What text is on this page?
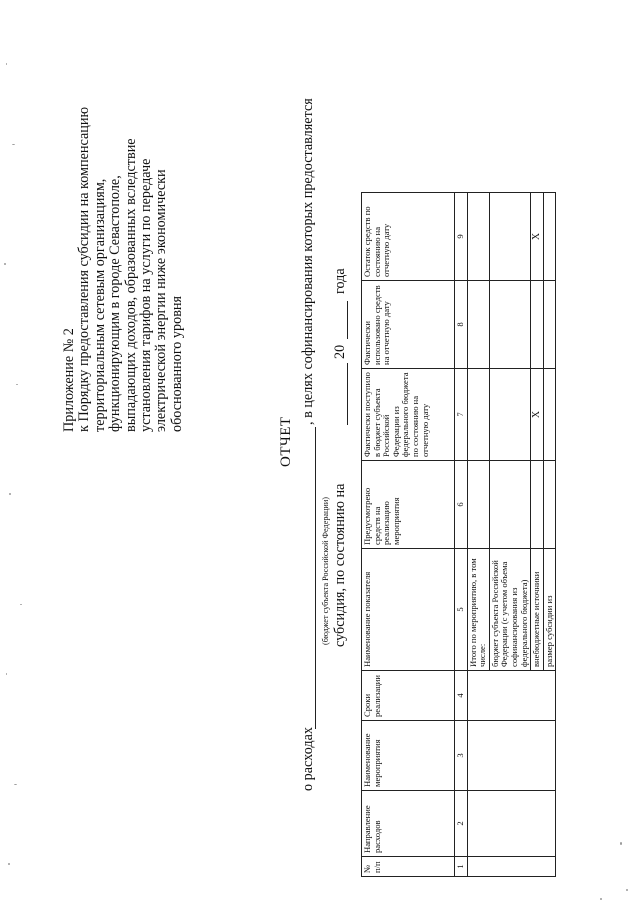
Приложение № 2 к Порядку предоставления субсидии на компенсацию территориальным сетевым организациям, функционирующим в городе Севастополе, выпадающих доходов, образованных вследствие установления тарифов на услуги по передаче электрической энергии ниже экономически обоснованного уровня
ОТЧЕТ
о расходах
, в целях софинансирования которых предоставляется
(бюджет субъекта Российской Федерации) субсидия, по состоянию на
20
года
№ п/п	Направление расходов	Наименование мероприятия	Сроки реализации	Наименование показателя	Предусмотрено средств на реализацию мероприятия	Фактически поступило в бюджет субъекта Российской Федерации из федерального бюджета по состоянию на отчетную дату	Фактически использовано средств на отчетную дату	Остаток средств по состоянию на отчетную дату
1	2	3	4	5	6	7	8	9
				Итого по мероприятию, в том числе:				
				бюджет субъекта Российской Федерации (с учетом объема софинансирования из федерального бюджета)				
				внебюджетные источники		X		X
				размер субсидии из				
